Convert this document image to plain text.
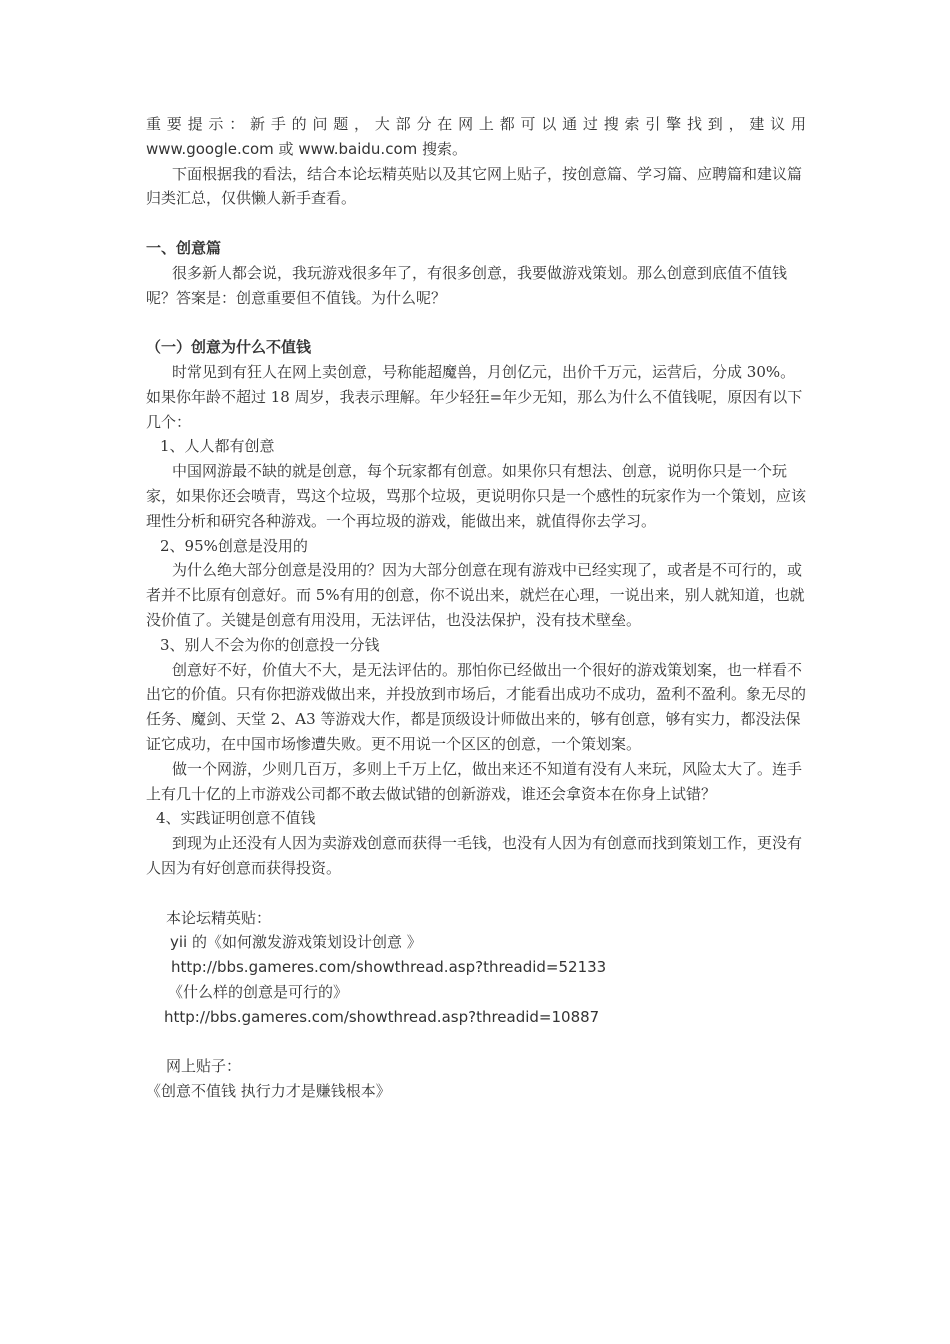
重要提示：新手的问题，大部分在网上都可以通过搜索引擎找到，建议用

www.google.com 或 www.baidu.com 搜索。

下面根据我的看法，结合本论坛精英贴以及其它网上贴子，按创意篇、学习篇、应聘篇和建议篇归类汇总，仅供懒人新手查看。

一、创意篇

很多新人都会说，我玩游戏很多年了，有很多创意，我要做游戏策划。那么创意到底值不值钱呢？答案是：创意重要但不值钱。为什么呢？

（一）创意为什么不值钱

时常见到有狂人在网上卖创意，号称能超魔兽，月创亿元，出价千万元，运营后，分成 30%。如果你年龄不超过 18 周岁，我表示理解。年少轻狂=年少无知，那么为什么不值钱呢，原因有以下几个：

1、人人都有创意

中国网游最不缺的就是创意，每个玩家都有创意。如果你只有想法、创意，说明你只是一个玩家，如果你还会喷青，骂这个垃圾，骂那个垃圾，更说明你只是一个感性的玩家作为一个策划，应该理性分析和研究各种游戏。一个再垃圾的游戏，能做出来，就值得你去学习。

2、95%创意是没用的

为什么绝大部分创意是没用的？因为大部分创意在现有游戏中已经实现了，或者是不可行的，或者并不比原有创意好。而 5%有用的创意，你不说出来，就烂在心理，一说出来，别人就知道，也就没价值了。关键是创意有用没用，无法评估，也没法保护，没有技术壁垒。

3、别人不会为你的创意投一分钱

创意好不好，价值大不大，是无法评估的。那怕你已经做出一个很好的游戏策划案，也一样看不出它的价值。只有你把游戏做出来，并投放到市场后，才能看出成功不成功，盈利不盈利。象无尽的任务、魔剑、天堂 2、A3 等游戏大作，都是顶级设计师做出来的，够有创意，够有实力，都没法保证它成功，在中国市场惨遭失败。更不用说一个区区的创意，一个策划案。

做一个网游，少则几百万，多则上千万上亿，做出来还不知道有没有人来玩，风险太大了。连手上有几十亿的上市游戏公司都不敢去做试错的创新游戏，谁还会拿资本在你身上试错？

4、实践证明创意不值钱

到现为止还没有人因为卖游戏创意而获得一毛钱，也没有人因为有创意而找到策划工作，更没有人因为有好创意而获得投资。

本论坛精英贴：

yii 的《如何激发游戏策划设计创意 》

http://bbs.gameres.com/showthread.asp?threadid=52133

《什么样的创意是可行的》

http://bbs.gameres.com/showthread.asp?threadid=10887

网上贴子：

《创意不值钱 执行力才是赚钱根本》
